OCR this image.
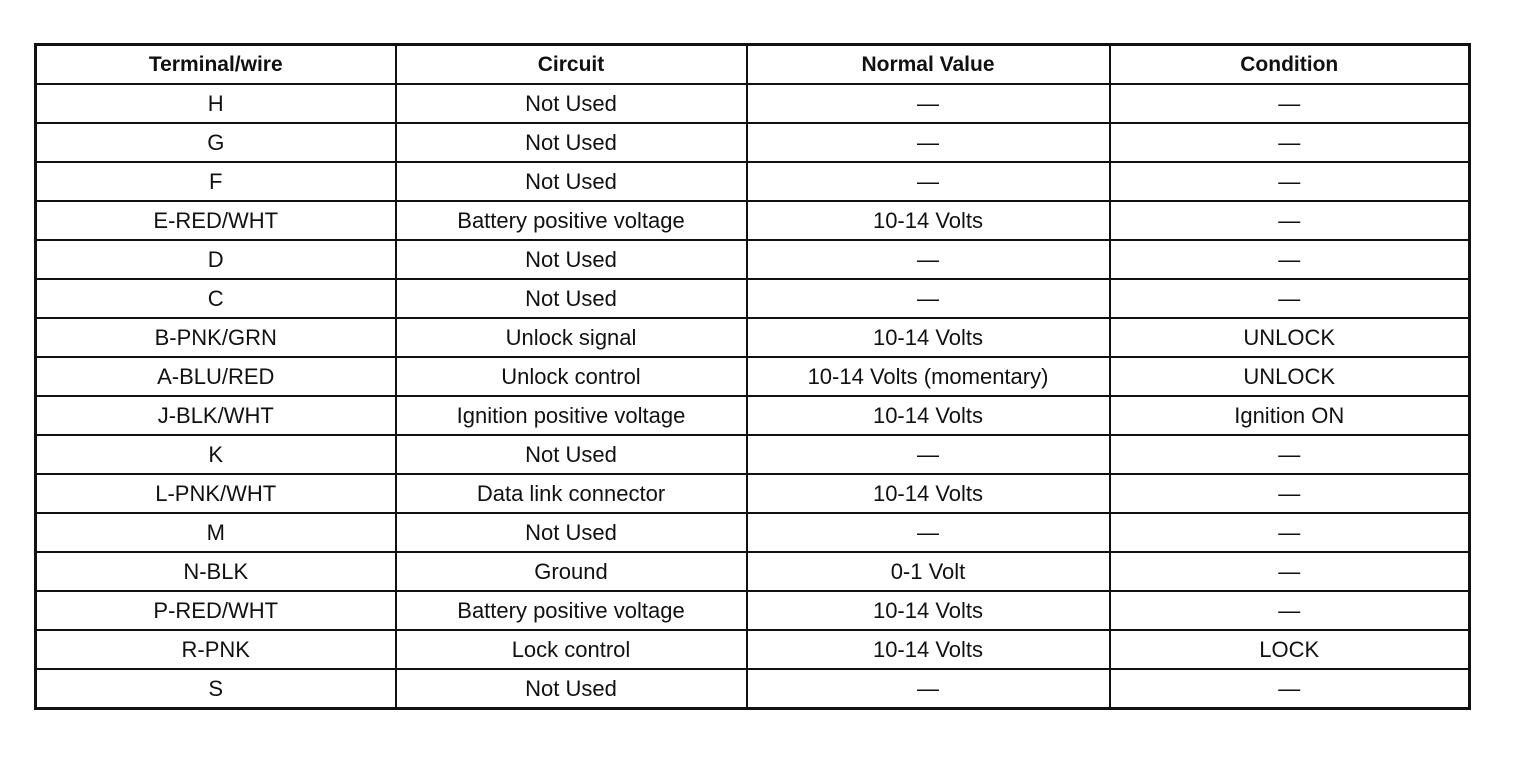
Terminal/wire	Circuit	Normal Value	Condition
H	Not Used	—	—
G	Not Used	—	—
F	Not Used	—	—
E-RED/WHT	Battery positive voltage	10-14 Volts	—
D	Not Used	—	—
C	Not Used	—	—
B-PNK/GRN	Unlock signal	10-14 Volts	UNLOCK
A-BLU/RED	Unlock control	10-14 Volts (momentary)	UNLOCK
J-BLK/WHT	Ignition positive voltage	10-14 Volts	Ignition ON
K	Not Used	—	—
L-PNK/WHT	Data link connector	10-14 Volts	—
M	Not Used	—	—
N-BLK	Ground	0-1 Volt	—
P-RED/WHT	Battery positive voltage	10-14 Volts	—
R-PNK	Lock control	10-14 Volts	LOCK
S	Not Used	—	—
